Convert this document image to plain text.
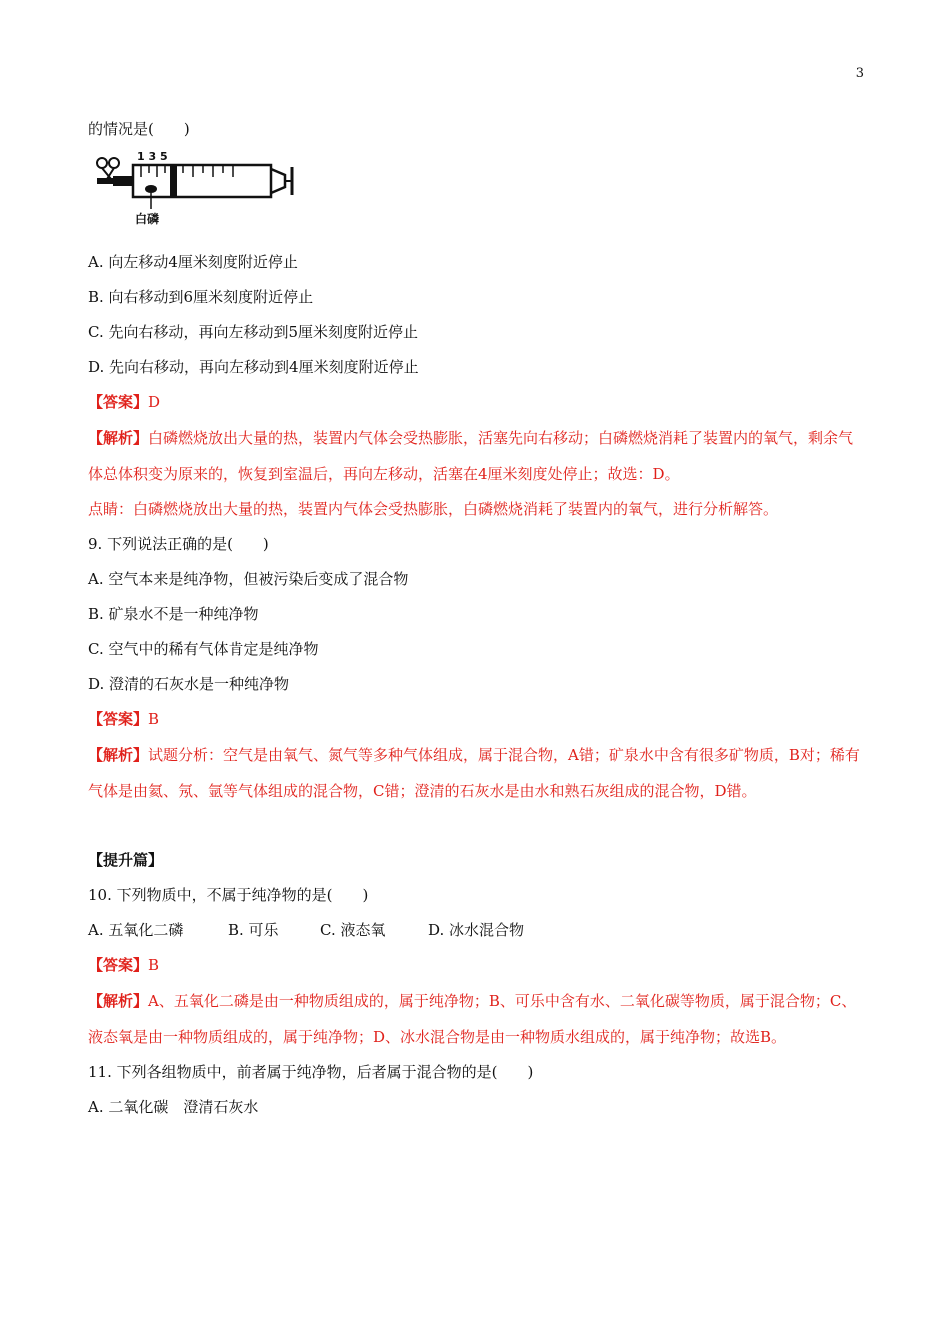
3
的情况是(　　)
1 3 5
白磷
A. 向左移动4厘米刻度附近停止
B. 向右移动到6厘米刻度附近停止
C. 先向右移动，再向左移动到5厘米刻度附近停止
D. 先向右移动，再向左移动到4厘米刻度附近停止
【答案】D
【解析】白磷燃烧放出大量的热，装置内气体会受热膨胀，活塞先向右移动；白磷燃烧消耗了装置内的氧气，剩余气体总体积变为原来的，恢复到室温后，再向左移动，活塞在4厘米刻度处停止；故选：D。
点睛：白磷燃烧放出大量的热，装置内气体会受热膨胀，白磷燃烧消耗了装置内的氧气，进行分析解答。
9. 下列说法正确的是(　　)
A. 空气本来是纯净物，但被污染后变成了混合物
B. 矿泉水不是一种纯净物
C. 空气中的稀有气体肯定是纯净物
D. 澄清的石灰水是一种纯净物
【答案】B
【解析】试题分析：空气是由氧气、氮气等多种气体组成，属于混合物，A错；矿泉水中含有很多矿物质，B对；稀有气体是由氦、氖、氩等气体组成的混合物，C错；澄清的石灰水是由水和熟石灰组成的混合物，D错。
【提升篇】
10. 下列物质中，不属于纯净物的是(　　)
A. 五氧化二磷	B. 可乐	C. 液态氧	D. 冰水混合物
【答案】B
【解析】A、五氧化二磷是由一种物质组成的，属于纯净物；B、可乐中含有水、二氧化碳等物质，属于混合物；C、液态氧是由一种物质组成的，属于纯净物；D、冰水混合物是由一种物质水组成的，属于纯净物；故选B。
11. 下列各组物质中，前者属于纯净物，后者属于混合物的是(　　)
A. 二氧化碳　澄清石灰水
